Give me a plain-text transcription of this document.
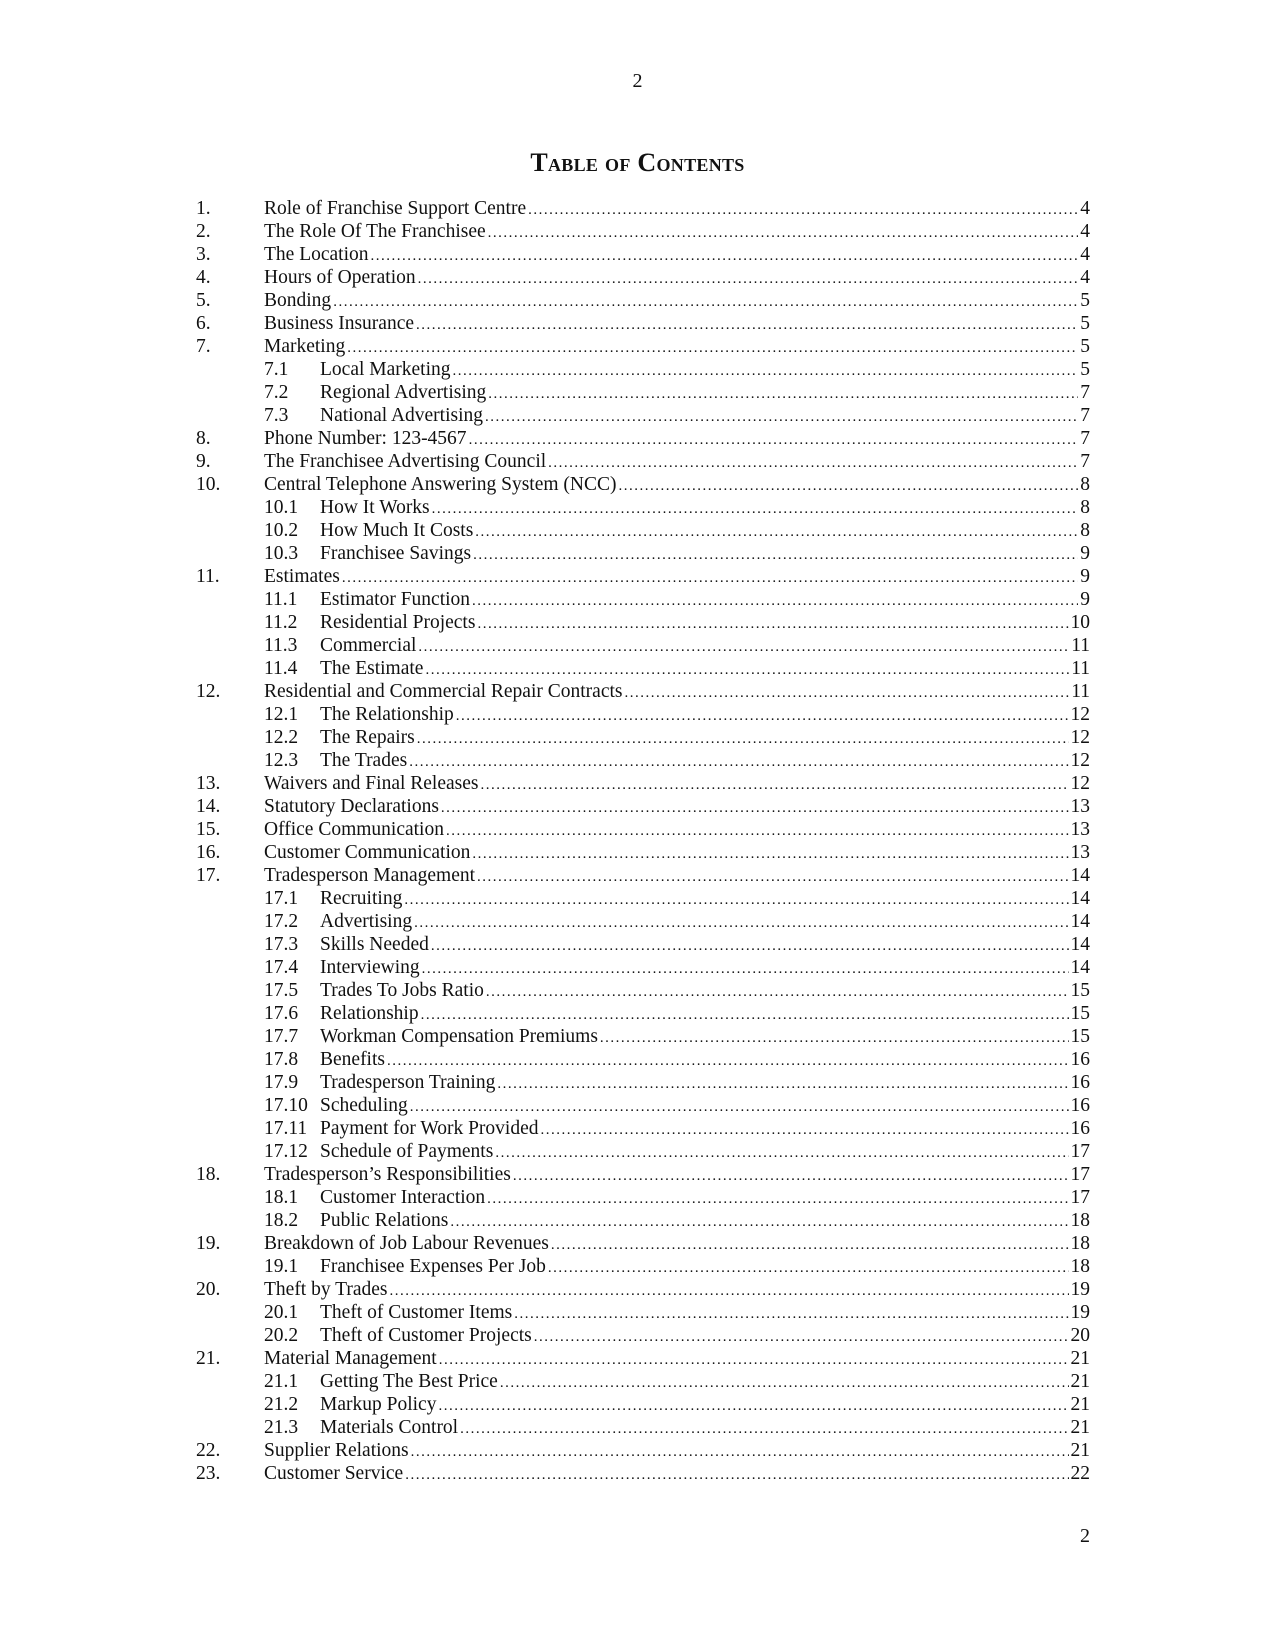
2
Table of Contents
1.	Role of Franchise Support Centre .....	4
2.	The Role Of The Franchisee .....	4
3.	The Location .....	4
4.	Hours of Operation .....	4
5.	Bonding .....	5
6.	Business Insurance .....	5
7.	Marketing .....	5
7.1	Local Marketing .....	5
7.2	Regional Advertising .....	7
7.3	National Advertising .....	7
8.	Phone Number: 123-4567 .....	7
9.	The Franchisee Advertising Council .....	7
10.	Central Telephone Answering System (NCC) .....	8
10.1	How It Works .....	8
10.2	How Much It Costs .....	8
10.3	Franchisee Savings .....	9
11.	Estimates .....	9
11.1	Estimator Function .....	9
11.2	Residential Projects .....	10
11.3	Commercial .....	11
11.4	The Estimate .....	11
12.	Residential and Commercial Repair Contracts .....	11
12.1	The Relationship .....	12
12.2	The Repairs .....	12
12.3	The Trades .....	12
13.	Waivers and Final Releases .....	12
14.	Statutory Declarations .....	13
15.	Office Communication .....	13
16.	Customer Communication .....	13
17.	Tradesperson Management .....	14
17.1	Recruiting .....	14
17.2	Advertising .....	14
17.3	Skills Needed .....	14
17.4	Interviewing .....	14
17.5	Trades To Jobs Ratio .....	15
17.6	Relationship .....	15
17.7	Workman Compensation Premiums .....	15
17.8	Benefits .....	16
17.9	Tradesperson Training .....	16
17.10 Scheduling .....	16
17.11 Payment for Work Provided .....	16
17.12 Schedule of Payments .....	17
18.	Tradesperson’s Responsibilities .....	17
18.1	Customer Interaction .....	17
18.2	Public Relations .....	18
19.	Breakdown of Job Labour Revenues .....	18
19.1	Franchisee Expenses Per Job .....	18
20.	Theft by Trades .....	19
20.1	Theft of Customer Items .....	19
20.2	Theft of Customer Projects .....	20
21.	Material Management .....	21
21.1	Getting The Best Price .....	21
21.2	Markup Policy .....	21
21.3	Materials Control .....	21
22.	Supplier Relations .....	21
23.	Customer Service .....	22
2
